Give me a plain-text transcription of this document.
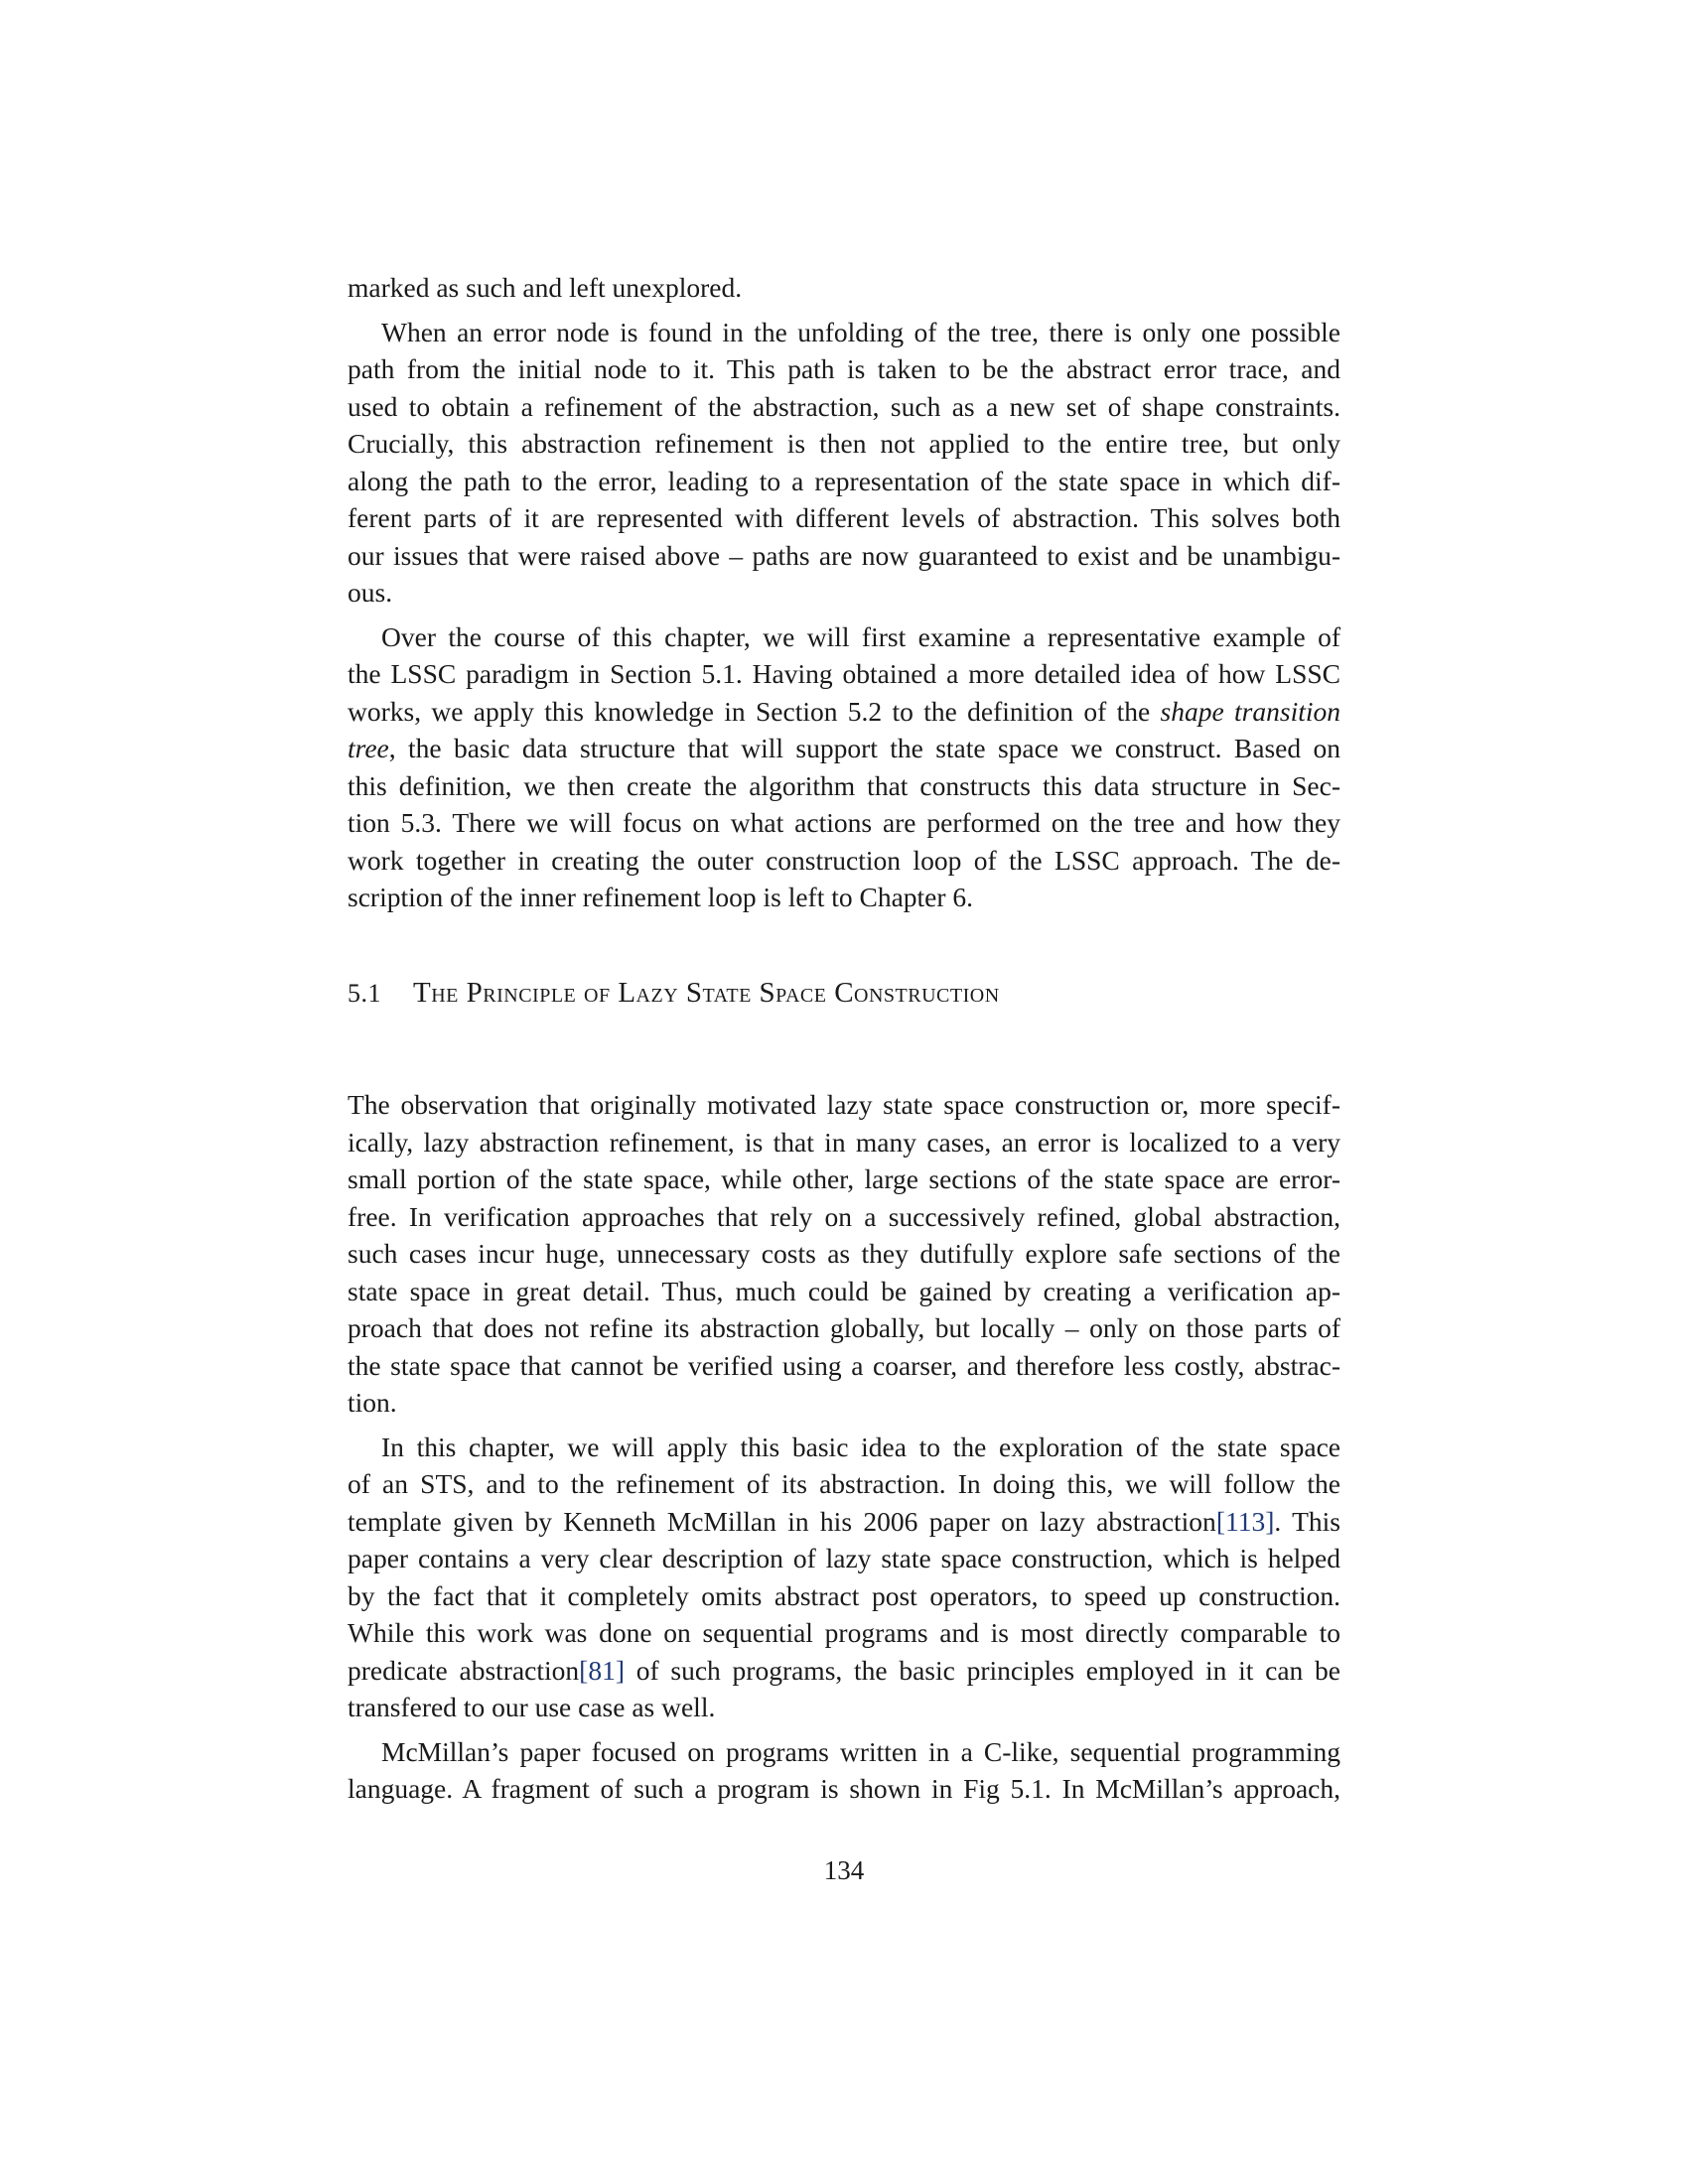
marked as such and left unexplored.

When an error node is found in the unfolding of the tree, there is only one possible
path from the initial node to it. This path is taken to be the abstract error trace, and
used to obtain a refinement of the abstraction, such as a new set of shape constraints.
Crucially, this abstraction refinement is then not applied to the entire tree, but only
along the path to the error, leading to a representation of the state space in which dif-
ferent parts of it are represented with different levels of abstraction. This solves both
our issues that were raised above – paths are now guaranteed to exist and be unambigu-
ous.

Over the course of this chapter, we will first examine a representative example of
the LSSC paradigm in Section 5.1. Having obtained a more detailed idea of how LSSC
works, we apply this knowledge in Section 5.2 to the definition of the shape transition
tree, the basic data structure that will support the state space we construct. Based on
this definition, we then create the algorithm that constructs this data structure in Sec-
tion 5.3. There we will focus on what actions are performed on the tree and how they
work together in creating the outer construction loop of the LSSC approach. The de-
scription of the inner refinement loop is left to Chapter 6.

5.1 The Principle of Lazy State Space Construction

The observation that originally motivated lazy state space construction or, more specif-
ically, lazy abstraction refinement, is that in many cases, an error is localized to a very
small portion of the state space, while other, large sections of the state space are error-
free. In verification approaches that rely on a successively refined, global abstraction,
such cases incur huge, unnecessary costs as they dutifully explore safe sections of the
state space in great detail. Thus, much could be gained by creating a verification ap-
proach that does not refine its abstraction globally, but locally – only on those parts of
the state space that cannot be verified using a coarser, and therefore less costly, abstrac-
tion.

In this chapter, we will apply this basic idea to the exploration of the state space
of an STS, and to the refinement of its abstraction. In doing this, we will follow the
template given by Kenneth McMillan in his 2006 paper on lazy abstraction[113]. This
paper contains a very clear description of lazy state space construction, which is helped
by the fact that it completely omits abstract post operators, to speed up construction.
While this work was done on sequential programs and is most directly comparable to
predicate abstraction[81] of such programs, the basic principles employed in it can be
transfered to our use case as well.

McMillan’s paper focused on programs written in a C-like, sequential programming
language. A fragment of such a program is shown in Fig 5.1. In McMillan’s approach,

134
